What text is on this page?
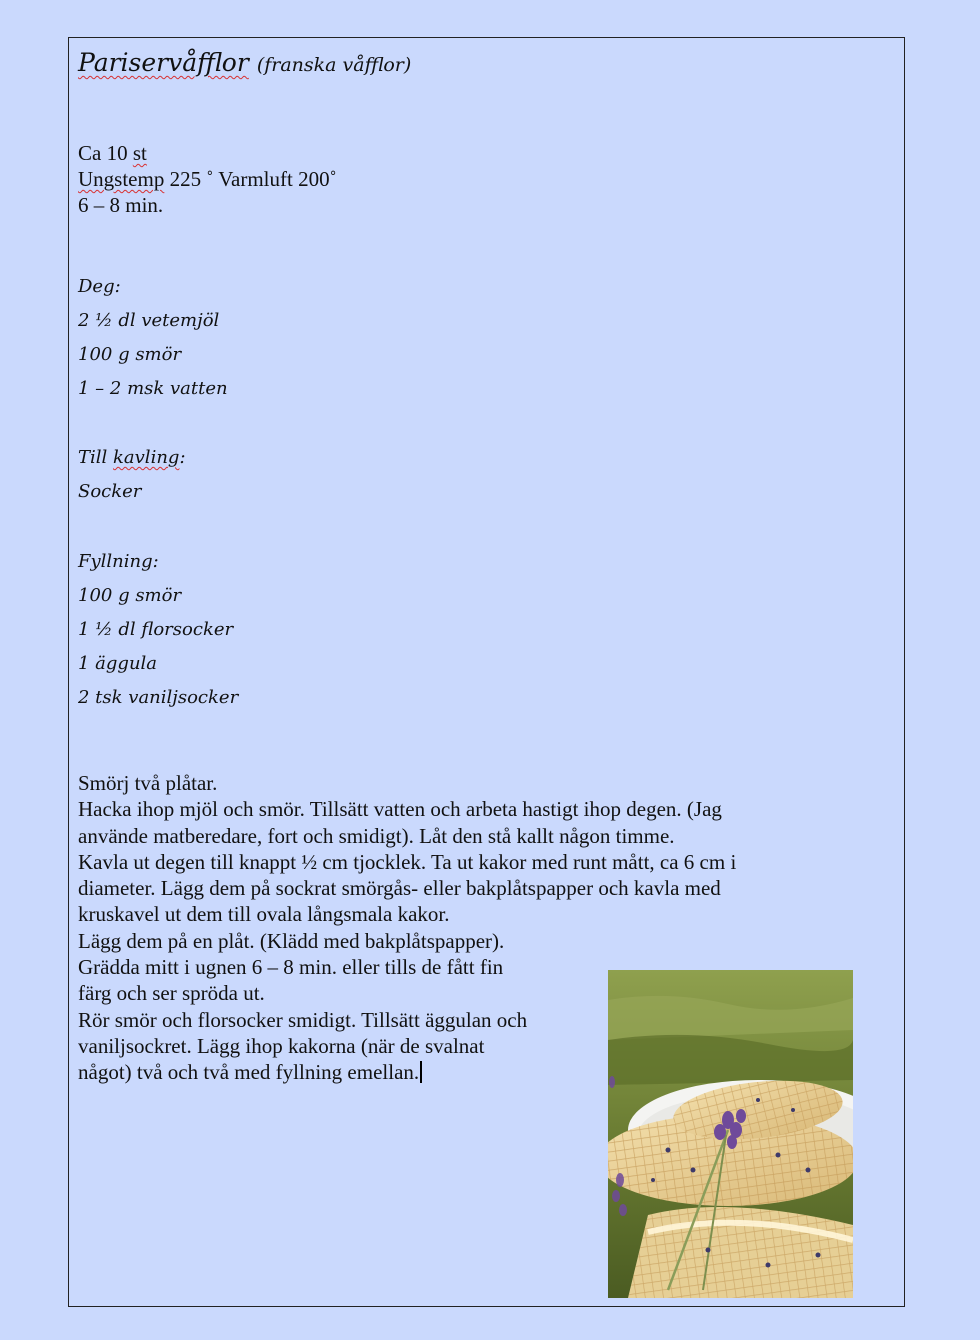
Pariservåfflor (franska våfflor)
Ca 10 st
Ungstemp 225 ˚ Varmluft 200˚
6 – 8 min.
Deg:
2 ½ dl vetemjöl
100 g smör
1 – 2 msk vatten
Till kavling:
Socker
Fyllning:
100 g smör
1 ½ dl florsocker
1 äggula
2 tsk vaniljsocker
Smörj två plåtar.
Hacka ihop mjöl och smör. Tillsätt vatten och arbeta hastigt ihop degen. (Jag
använde matberedare, fort och smidigt). Låt den stå kallt någon timme.
Kavla ut degen till knappt ½ cm tjocklek. Ta ut kakor med runt mått, ca 6 cm i
diameter. Lägg dem på sockrat smörgås- eller bakplåtspapper och kavla med
kruskavel ut dem till ovala långsmala kakor.
Lägg dem på en plåt. (Klädd med bakplåtspapper).
Grädda mitt i ugnen 6 – 8 min. eller tills de fått fin
färg och ser spröda ut.
Rör smör och florsocker smidigt. Tillsätt äggulan och
vaniljsockret. Lägg ihop kakorna (när de svalnat
något) två och två med fyllning emellan.
